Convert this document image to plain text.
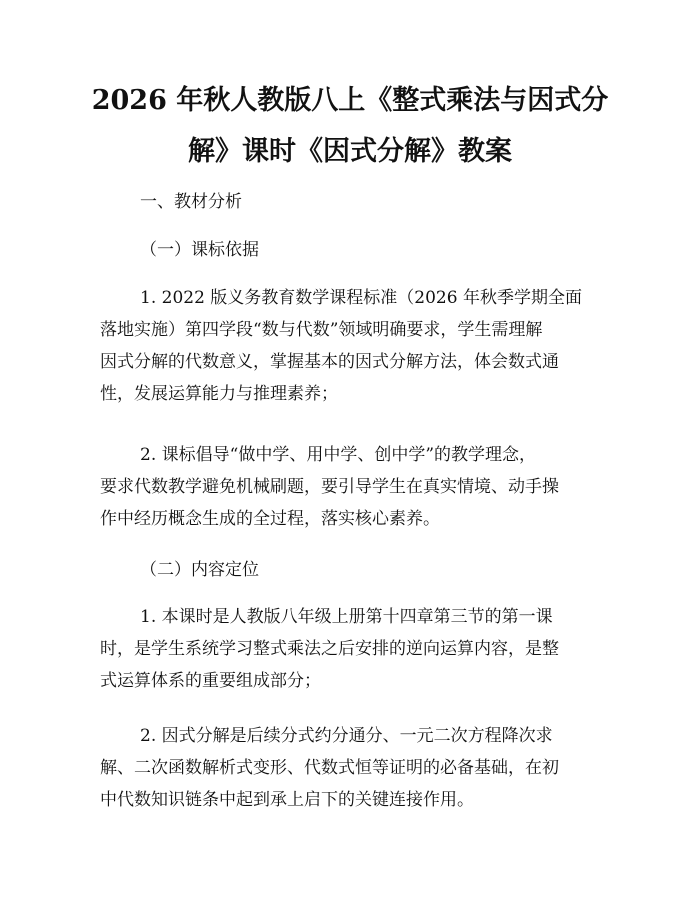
2026 年秋人教版八上《整式乘法与因式分
解》课时《因式分解》教案
一、教材分析
（一）课标依据
1. 2022 版义务教育数学课程标准（2026 年秋季学期全面
落地实施）第四学段“数与代数”领域明确要求，学生需理解
因式分解的代数意义，掌握基本的因式分解方法，体会数式通
性，发展运算能力与推理素养；
2. 课标倡导“做中学、用中学、创中学”的教学理念，
要求代数教学避免机械刷题，要引导学生在真实情境、动手操
作中经历概念生成的全过程，落实核心素养。
（二）内容定位
1. 本课时是人教版八年级上册第十四章第三节的第一课
时，是学生系统学习整式乘法之后安排的逆向运算内容，是整
式运算体系的重要组成部分；
2. 因式分解是后续分式约分通分、一元二次方程降次求
解、二次函数解析式变形、代数式恒等证明的必备基础，在初
中代数知识链条中起到承上启下的关键连接作用。
